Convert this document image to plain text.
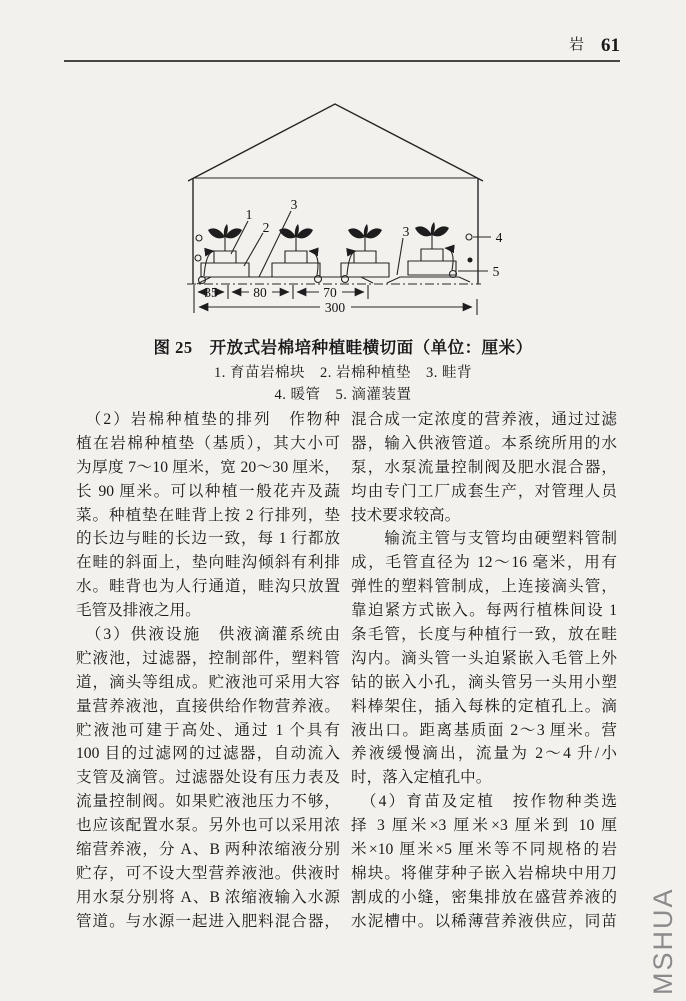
岩 61
1
2
3
3	4
5
35	80	70
300
图 25　开放式岩棉培种植畦横切面（单位：厘米）
1. 育苗岩棉块　2. 岩棉种植垫　3. 畦背
4. 暖管　5. 滴灌装置
　（2）岩棉种植垫的排列　作物种
植在岩棉种植垫（基质），其大小可
为厚度 7～10 厘米，宽 20～30 厘米，
长 90 厘米。可以种植一般花卉及蔬
菜。种植垫在畦背上按 2 行排列，垫
的长边与畦的长边一致，每 1 行都放
在畦的斜面上，垫向畦沟倾斜有利排
水。畦背也为人行通道，畦沟只放置
毛管及排液之用。
　（3）供液设施　供液滴灌系统由
贮液池，过滤器，控制部件，塑料管
道，滴头等组成。贮液池可采用大容
量营养液池，直接供给作物营养液。
贮液池可建于高处、通过 1 个具有
100 目的过滤网的过滤器，自动流入
支管及滴管。过滤器处设有压力表及
流量控制阀。如果贮液池压力不够，
也应该配置水泵。另外也可以采用浓
缩营养液，分 A、B 两种浓缩液分别
贮存，可不设大型营养液池。供液时
用水泵分别将 A、B 浓缩液输入水源
管道。与水源一起进入肥料混合器，
混合成一定浓度的营养液，通过过滤
器，输入供液管道。本系统所用的水
泵，水泵流量控制阀及肥水混合器，
均由专门工厂成套生产，对管理人员
技术要求较高。
　　输流主管与支管均由硬塑料管制
成，毛管直径为 12～16 毫米，用有
弹性的塑料管制成，上连接滴头管，
靠迫紧方式嵌入。每两行植株间设 1
条毛管，长度与种植行一致，放在畦
沟内。滴头管一头迫紧嵌入毛管上外
钻的嵌入小孔，滴头管另一头用小塑
料棒架住，插入每株的定植孔上。滴
液出口。距离基质面 2～3 厘米。营
养液缓慢滴出，流量为 2～4 升/小
时，落入定植孔中。
　（4）育苗及定植　按作物种类选
择 3 厘米×3 厘米×3 厘米到 10 厘
米×10 厘米×5 厘米等不同规格的岩
棉块。将催芽种子嵌入岩棉块中用刀
割成的小缝，密集排放在盛营养液的
水泥槽中。以稀薄营养液供应，同苗 MSHUA
